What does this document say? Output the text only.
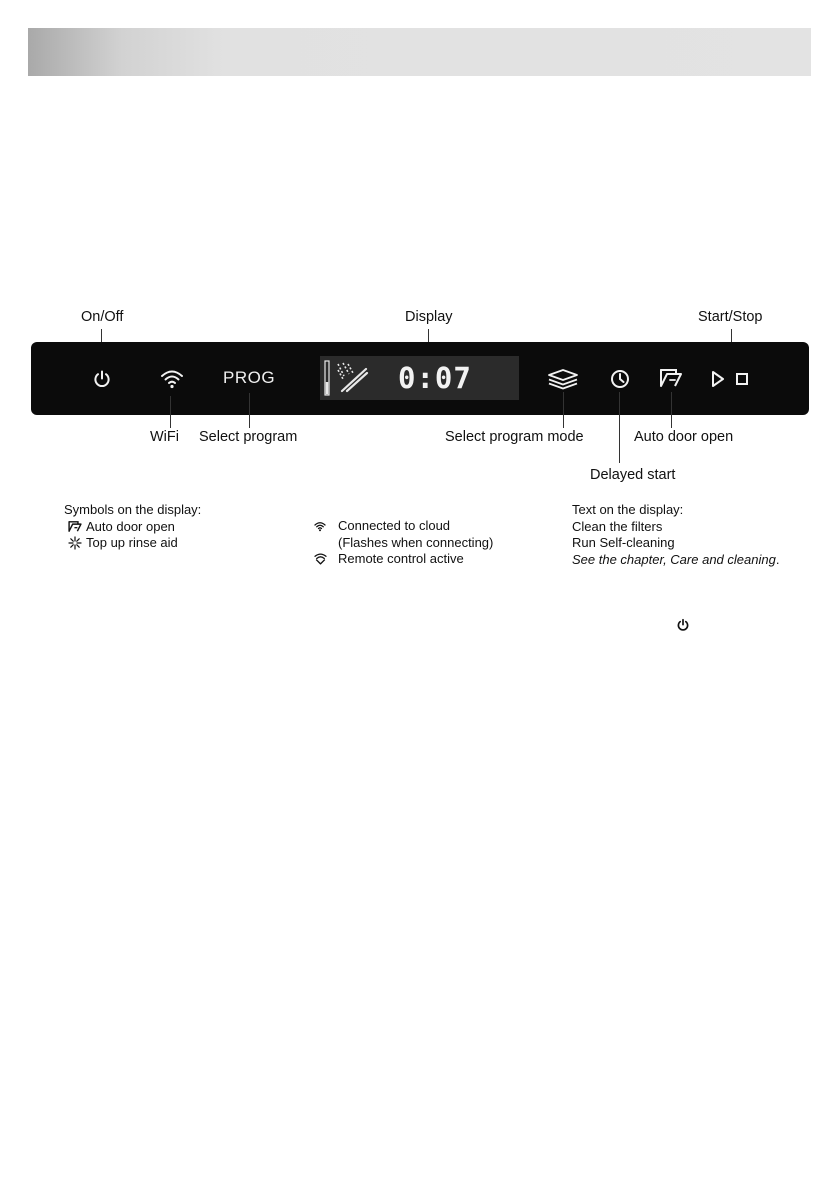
On/Off	Display	Start/Stop
PROG	0:07
WiFi Select program	Select program mode	Auto door open
Delayed start
Symbols on the display:
Auto door open
Top up rinse aid
Connected to cloud
(Flashes when connecting)
Remote control active
Text on the display:
Clean the filters
Run Self-cleaning
See the chapter, Care and cleaning .
